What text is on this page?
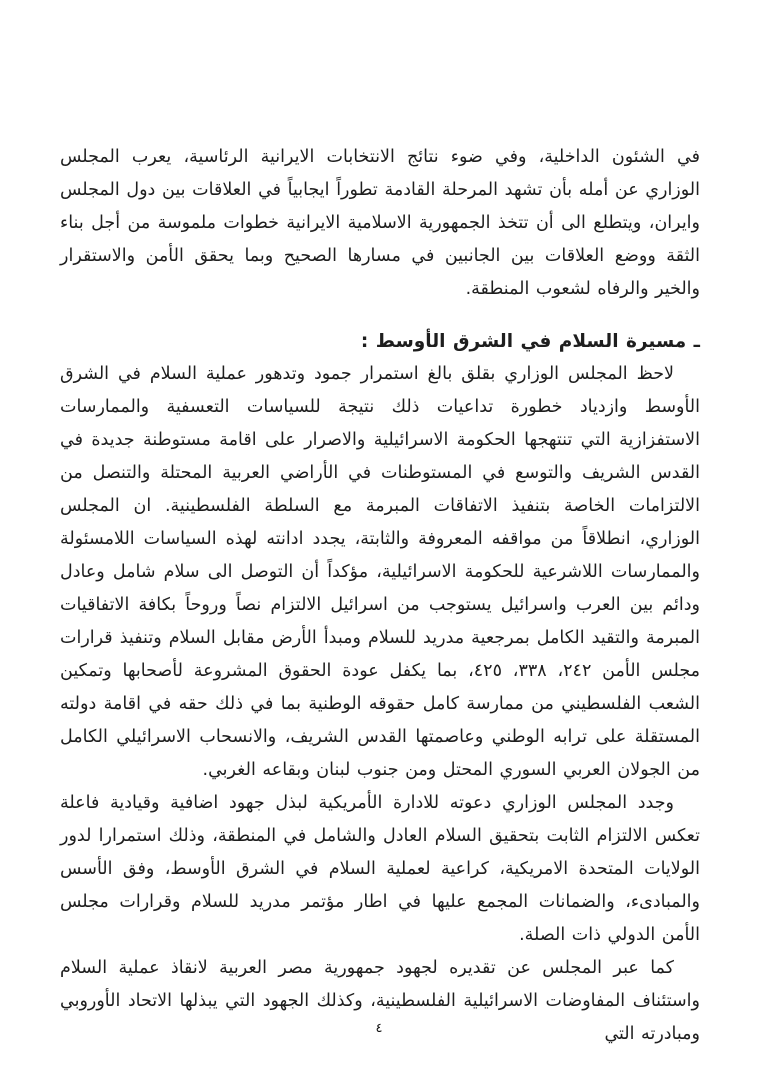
في الشئون الداخلية، وفي ضوء نتائج الانتخابات الايرانية الرئاسية، يعرب المجلس الوزاري عن أمله بأن تشهد المرحلة القادمة تطوراً ايجابياً في العلاقات بين دول المجلس وايران، ويتطلع الى أن تتخذ الجمهورية الاسلامية الايرانية خطوات ملموسة من أجل بناء الثقة ووضع العلاقات بين الجانبين في مسارها الصحيح وبما يحقق الأمن والاستقرار والخير والرفاه لشعوب المنطقة.

ـ مسيرة السلام في الشرق الأوسط :

لاحظ المجلس الوزاري بقلق بالغ استمرار جمود وتدهور عملية السلام في الشرق الأوسط وازدياد خطورة تداعيات ذلك نتيجة للسياسات التعسفية والممارسات الاستفزازية التي تنتهجها الحكومة الاسرائيلية والاصرار على اقامة مستوطنة جديدة في القدس الشريف والتوسع في المستوطنات في الأراضي العربية المحتلة والتنصل من الالتزامات الخاصة بتنفيذ الاتفاقات المبرمة مع السلطة الفلسطينية. ان المجلس الوزاري، انطلاقاً من مواقفه المعروفة والثابتة، يجدد ادانته لهذه السياسات اللامسئولة والممارسات اللاشرعية للحكومة الاسرائيلية، مؤكداً أن التوصل الى سلام شامل وعادل ودائم بين العرب واسرائيل يستوجب من اسرائيل الالتزام نصاً وروحاً بكافة الاتفاقيات المبرمة والتقيد الكامل بمرجعية مدريد للسلام ومبدأ الأرض مقابل السلام وتنفيذ قرارات مجلس الأمن ٢٤٢، ٣٣٨، ٤٢٥، بما يكفل عودة الحقوق المشروعة لأصحابها وتمكين الشعب الفلسطيني من ممارسة كامل حقوقه الوطنية بما في ذلك حقه في اقامة دولته المستقلة على ترابه الوطني وعاصمتها القدس الشريف، والانسحاب الاسرائيلي الكامل من الجولان العربي السوري المحتل ومن جنوب لبنان وبقاعه الغربي.

وجدد المجلس الوزاري دعوته للادارة الأمريكية لبذل جهود اضافية وقيادية فاعلة تعكس الالتزام الثابت بتحقيق السلام العادل والشامل في المنطقة، وذلك استمرارا لدور الولايات المتحدة الامريكية، كراعية لعملية السلام في الشرق الأوسط، وفق الأسس والمبادىء، والضمانات المجمع عليها في اطار مؤتمر مدريد للسلام وقرارات مجلس الأمن الدولي ذات الصلة.

كما عبر المجلس عن تقديره لجهود جمهورية مصر العربية لانقاذ عملية السلام واستئناف المفاوضات الاسرائيلية الفلسطينية، وكذلك الجهود التي يبذلها الاتحاد الأوروبي ومبادرته التي

٤
